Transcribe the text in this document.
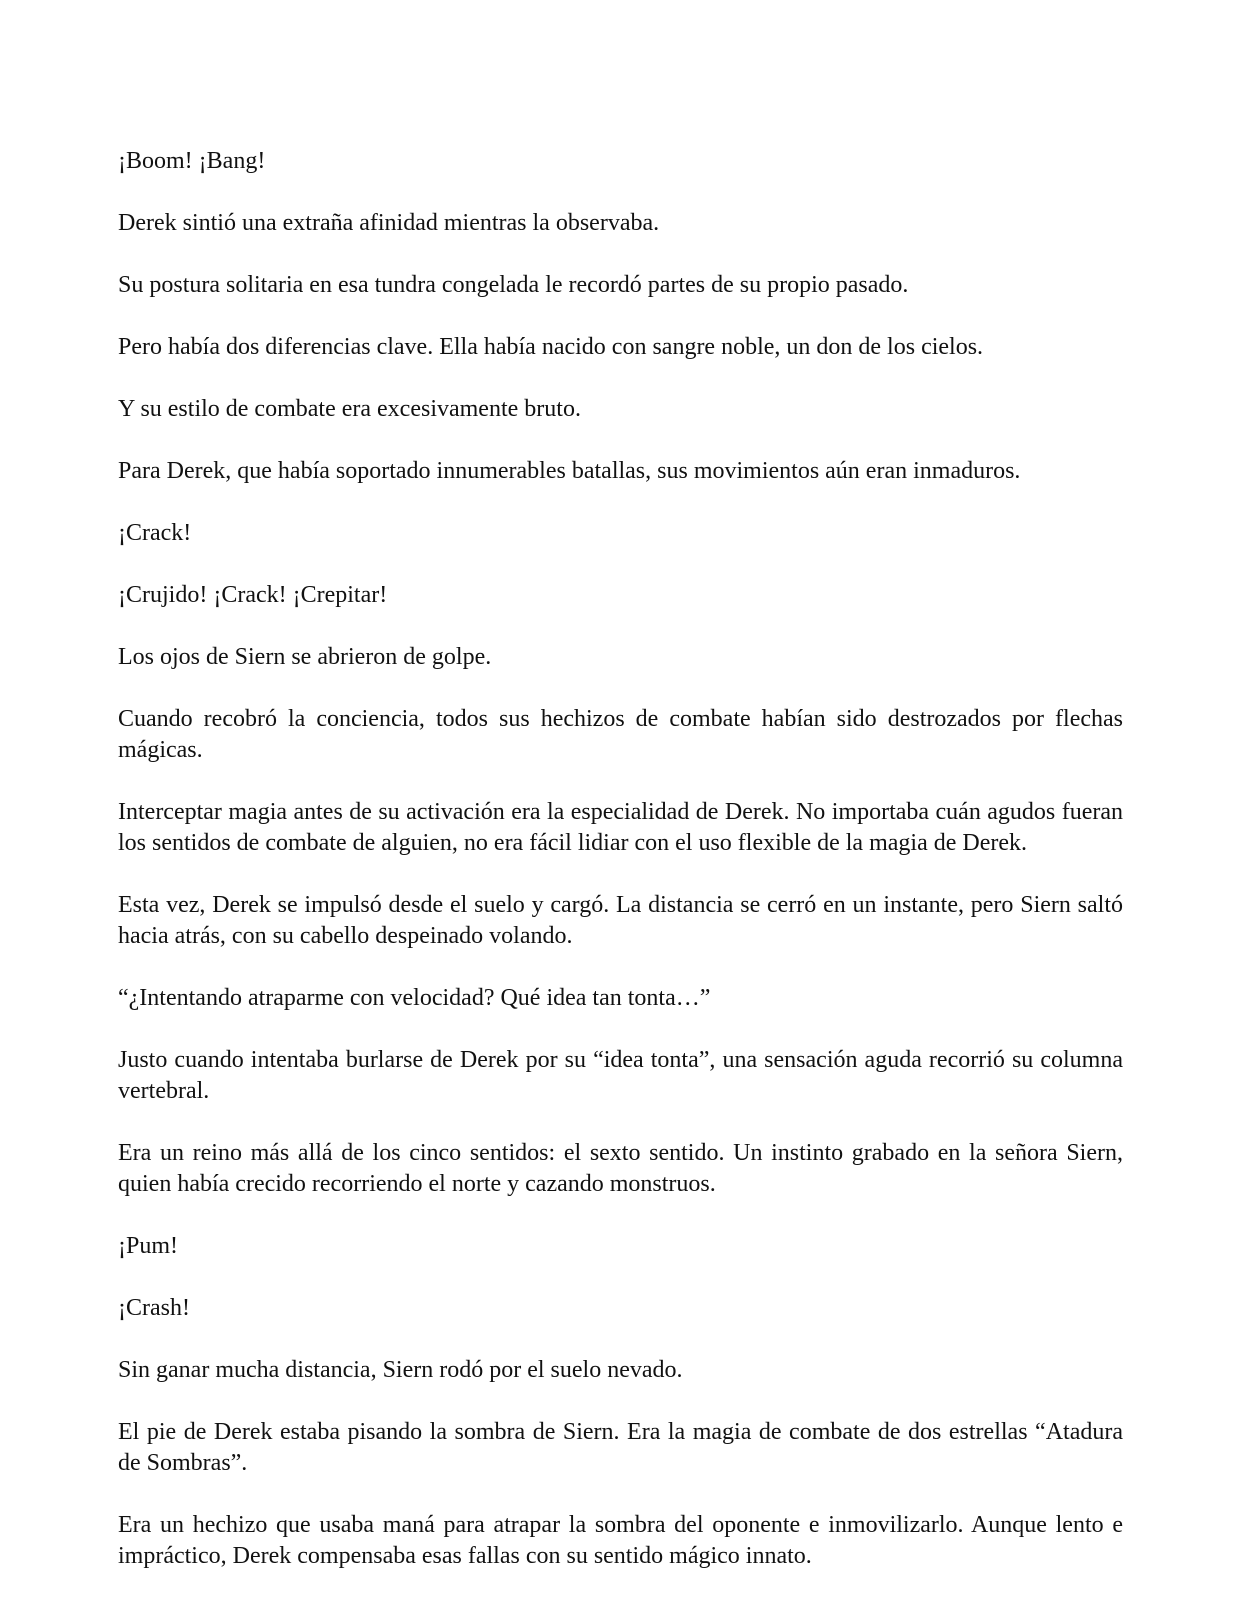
¡Boom! ¡Bang!

Derek sintió una extraña afinidad mientras la observaba.

Su postura solitaria en esa tundra congelada le recordó partes de su propio pasado.

Pero había dos diferencias clave. Ella había nacido con sangre noble, un don de los cielos.

Y su estilo de combate era excesivamente bruto.

Para Derek, que había soportado innumerables batallas, sus movimientos aún eran inmaduros.

¡Crack!

¡Crujido! ¡Crack! ¡Crepitar!

Los ojos de Siern se abrieron de golpe.

Cuando recobró la conciencia, todos sus hechizos de combate habían sido destrozados por flechas mágicas.

Interceptar magia antes de su activación era la especialidad de Derek. No importaba cuán agudos fueran los sentidos de combate de alguien, no era fácil lidiar con el uso flexible de la magia de Derek.

Esta vez, Derek se impulsó desde el suelo y cargó. La distancia se cerró en un instante, pero Siern saltó hacia atrás, con su cabello despeinado volando.

“¿Intentando atraparme con velocidad? Qué idea tan tonta…”

Justo cuando intentaba burlarse de Derek por su “idea tonta”, una sensación aguda recorrió su columna vertebral.

Era un reino más allá de los cinco sentidos: el sexto sentido. Un instinto grabado en la señora Siern, quien había crecido recorriendo el norte y cazando monstruos.

¡Pum!

¡Crash!

Sin ganar mucha distancia, Siern rodó por el suelo nevado.

El pie de Derek estaba pisando la sombra de Siern. Era la magia de combate de dos estrellas “Atadura de Sombras”.

Era un hechizo que usaba maná para atrapar la sombra del oponente e inmovilizarlo. Aunque lento e impráctico, Derek compensaba esas fallas con su sentido mágico innato.
